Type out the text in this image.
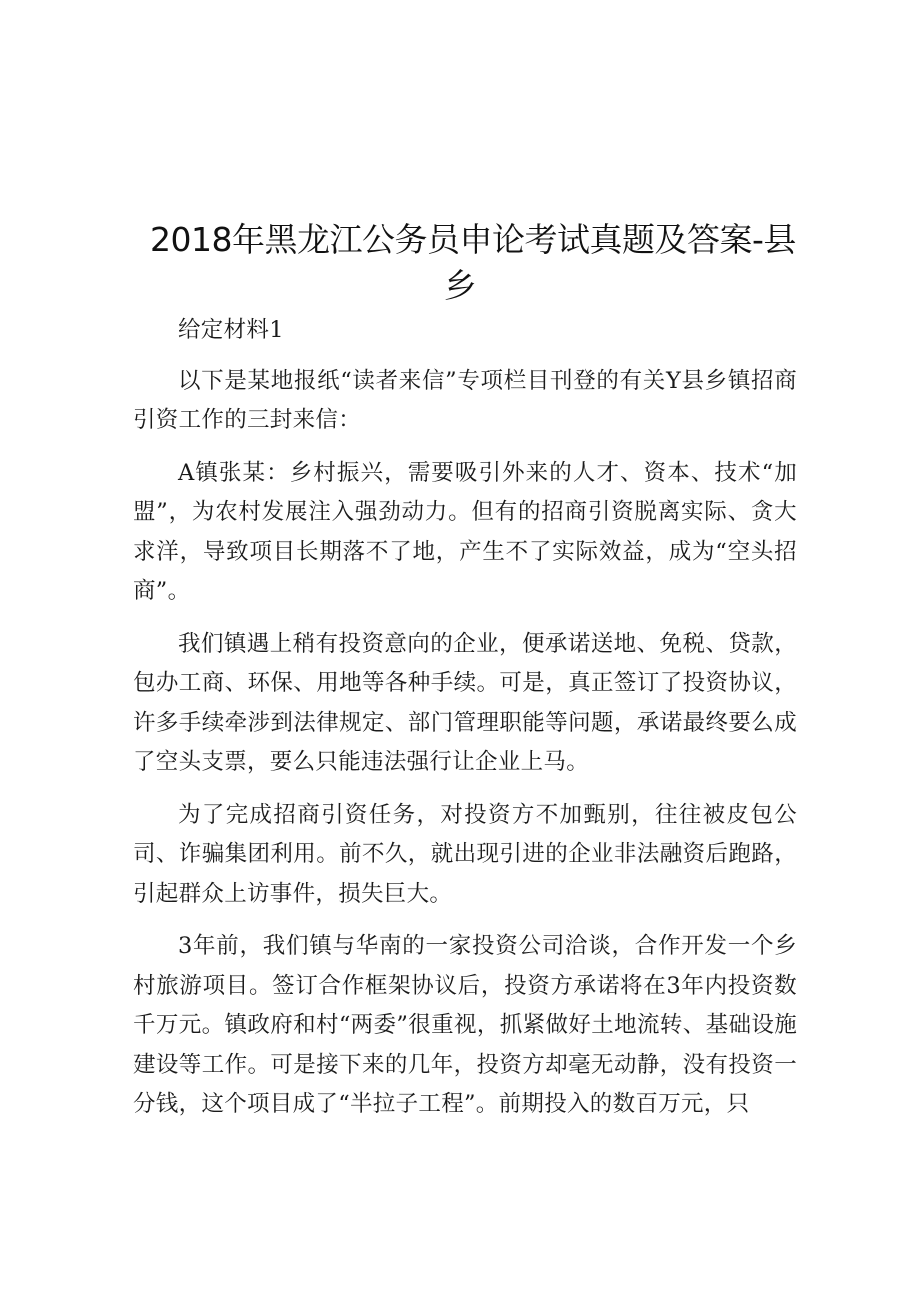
2018年黑龙江公务员申论考试真题及答案-县
乡

给定材料1

以下是某地报纸“读者来信”专项栏目刊登的有关Y县乡镇招商引资工作的三封来信：

A镇张某：乡村振兴，需要吸引外来的人才、资本、技术“加盟”，为农村发展注入强劲动力。但有的招商引资脱离实际、贪大求洋，导致项目长期落不了地，产生不了实际效益，成为“空头招商”。

我们镇遇上稍有投资意向的企业，便承诺送地、免税、贷款，包办工商、环保、用地等各种手续。可是，真正签订了投资协议，许多手续牵涉到法律规定、部门管理职能等问题，承诺最终要么成了空头支票，要么只能违法强行让企业上马。

为了完成招商引资任务，对投资方不加甄别，往往被皮包公司、诈骗集团利用。前不久，就出现引进的企业非法融资后跑路，引起群众上访事件，损失巨大。

3年前，我们镇与华南的一家投资公司洽谈，合作开发一个乡村旅游项目。签订合作框架协议后，投资方承诺将在3年内投资数千万元。镇政府和村“两委”很重视，抓紧做好土地流转、基础设施建设等工作。可是接下来的几年，投资方却毫无动静，没有投资一分钱，这个项目成了“半拉子工程”。前期投入的数百万元，只
